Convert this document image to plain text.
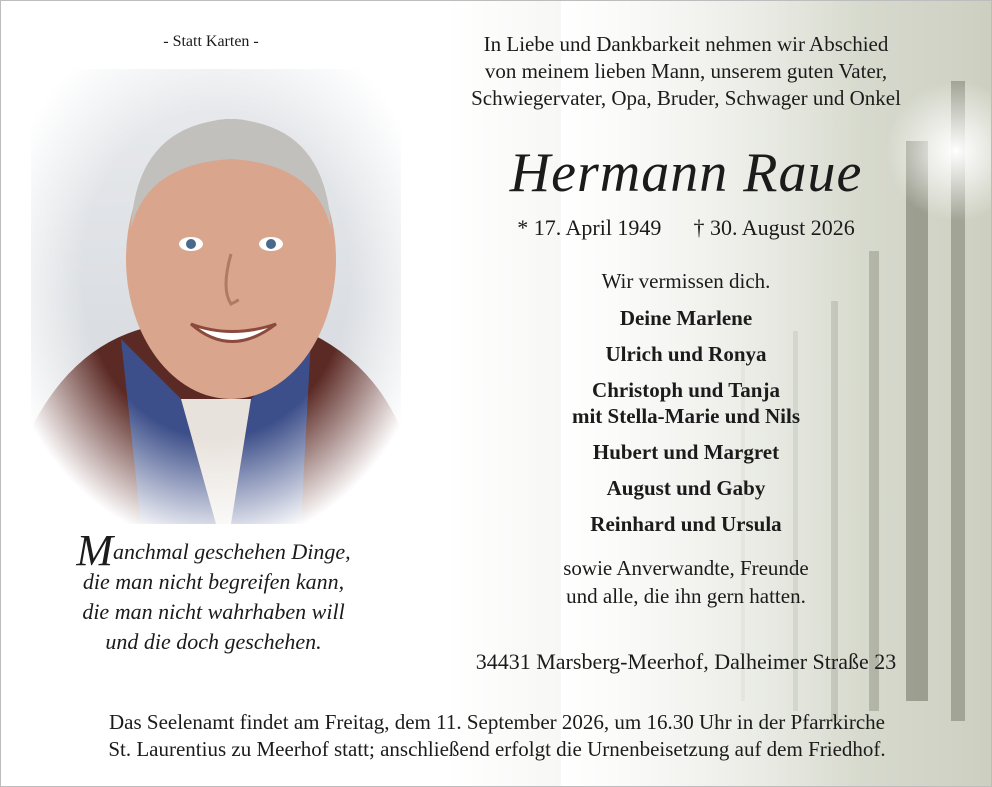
- Statt Karten -	In Liebe und Dankbarkeit nehmen wir Abschied
von meinem lieben Mann, unserem guten Vater,
Schwiegervater, Opa, Bruder, Schwager und Onkel
Hermann Raue
* 17. April 1949 † 30. August 2026
Wir vermissen dich.
Deine Marlene
Ulrich und Ronya
Christoph und Tanja
mit Stella-Marie und Nils
Hubert und Margret
August und Gaby
Reinhard und Ursula
sowie Anverwandte, Freunde
und alle, die ihn gern hatten.
34431 Marsberg-Meerhof, Dalheimer Straße 23
Manchmal geschehen Dinge,
die man nicht begreifen kann,
die man nicht wahrhaben will
und die doch geschehen.
Das Seelenamt findet am Freitag, dem 11. September 2026, um 16.30 Uhr in der Pfarrkirche
St. Laurentius zu Meerhof statt; anschließend erfolgt die Urnenbeisetzung auf dem Friedhof.
